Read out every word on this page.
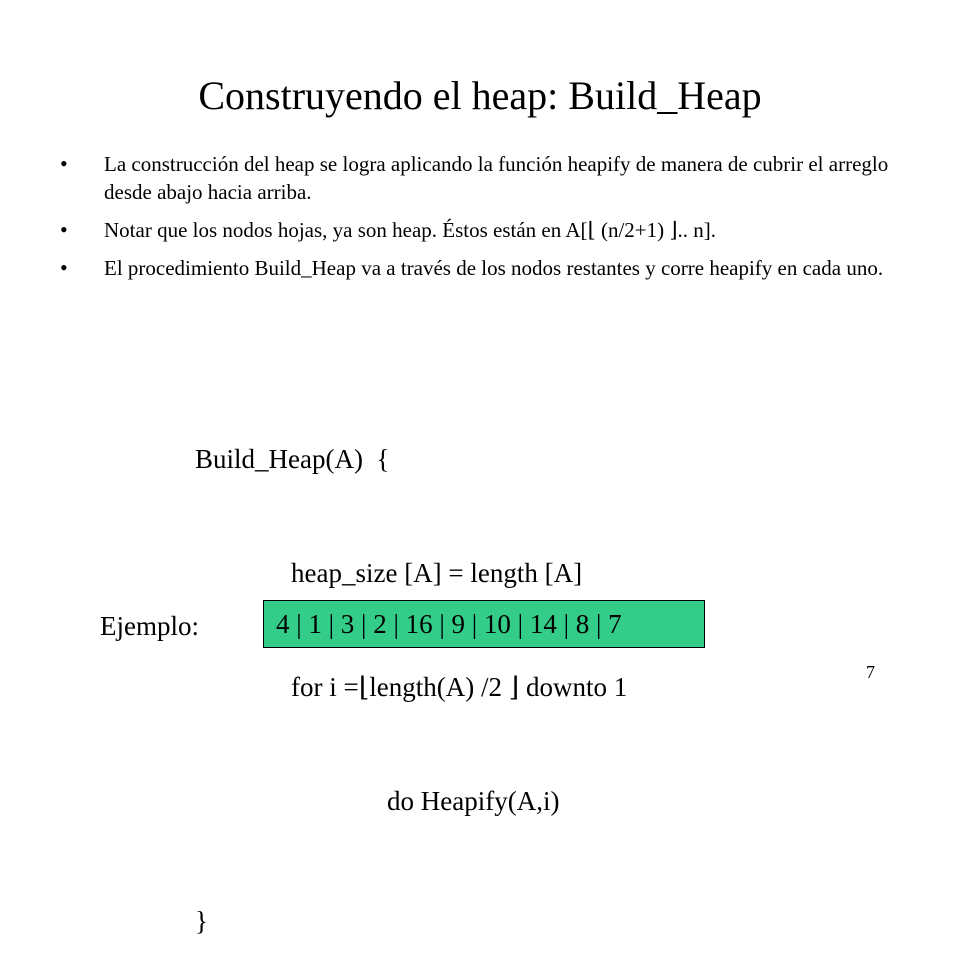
Construyendo el heap: Build_Heap
• La construcción del heap se logra aplicando la función heapify de manera de cubrir el arreglo desde abajo hacia arriba.
• Notar que los nodos hojas, ya son heap. Éstos están en A[⌊ (n/2+1) ⌋.. n].
• El procedimiento Build_Heap va a través de los nodos restantes y corre heapify en cada uno.

Build_Heap(A)  {

heap_size [A] = length [A]

for i =⌊length(A) /2 ⌋ downto 1

do Heapify(A,i)

}

Ejemplo:	4 | 1 | 3 | 2 | 16 | 9 | 10 | 14 | 8 | 7
7
